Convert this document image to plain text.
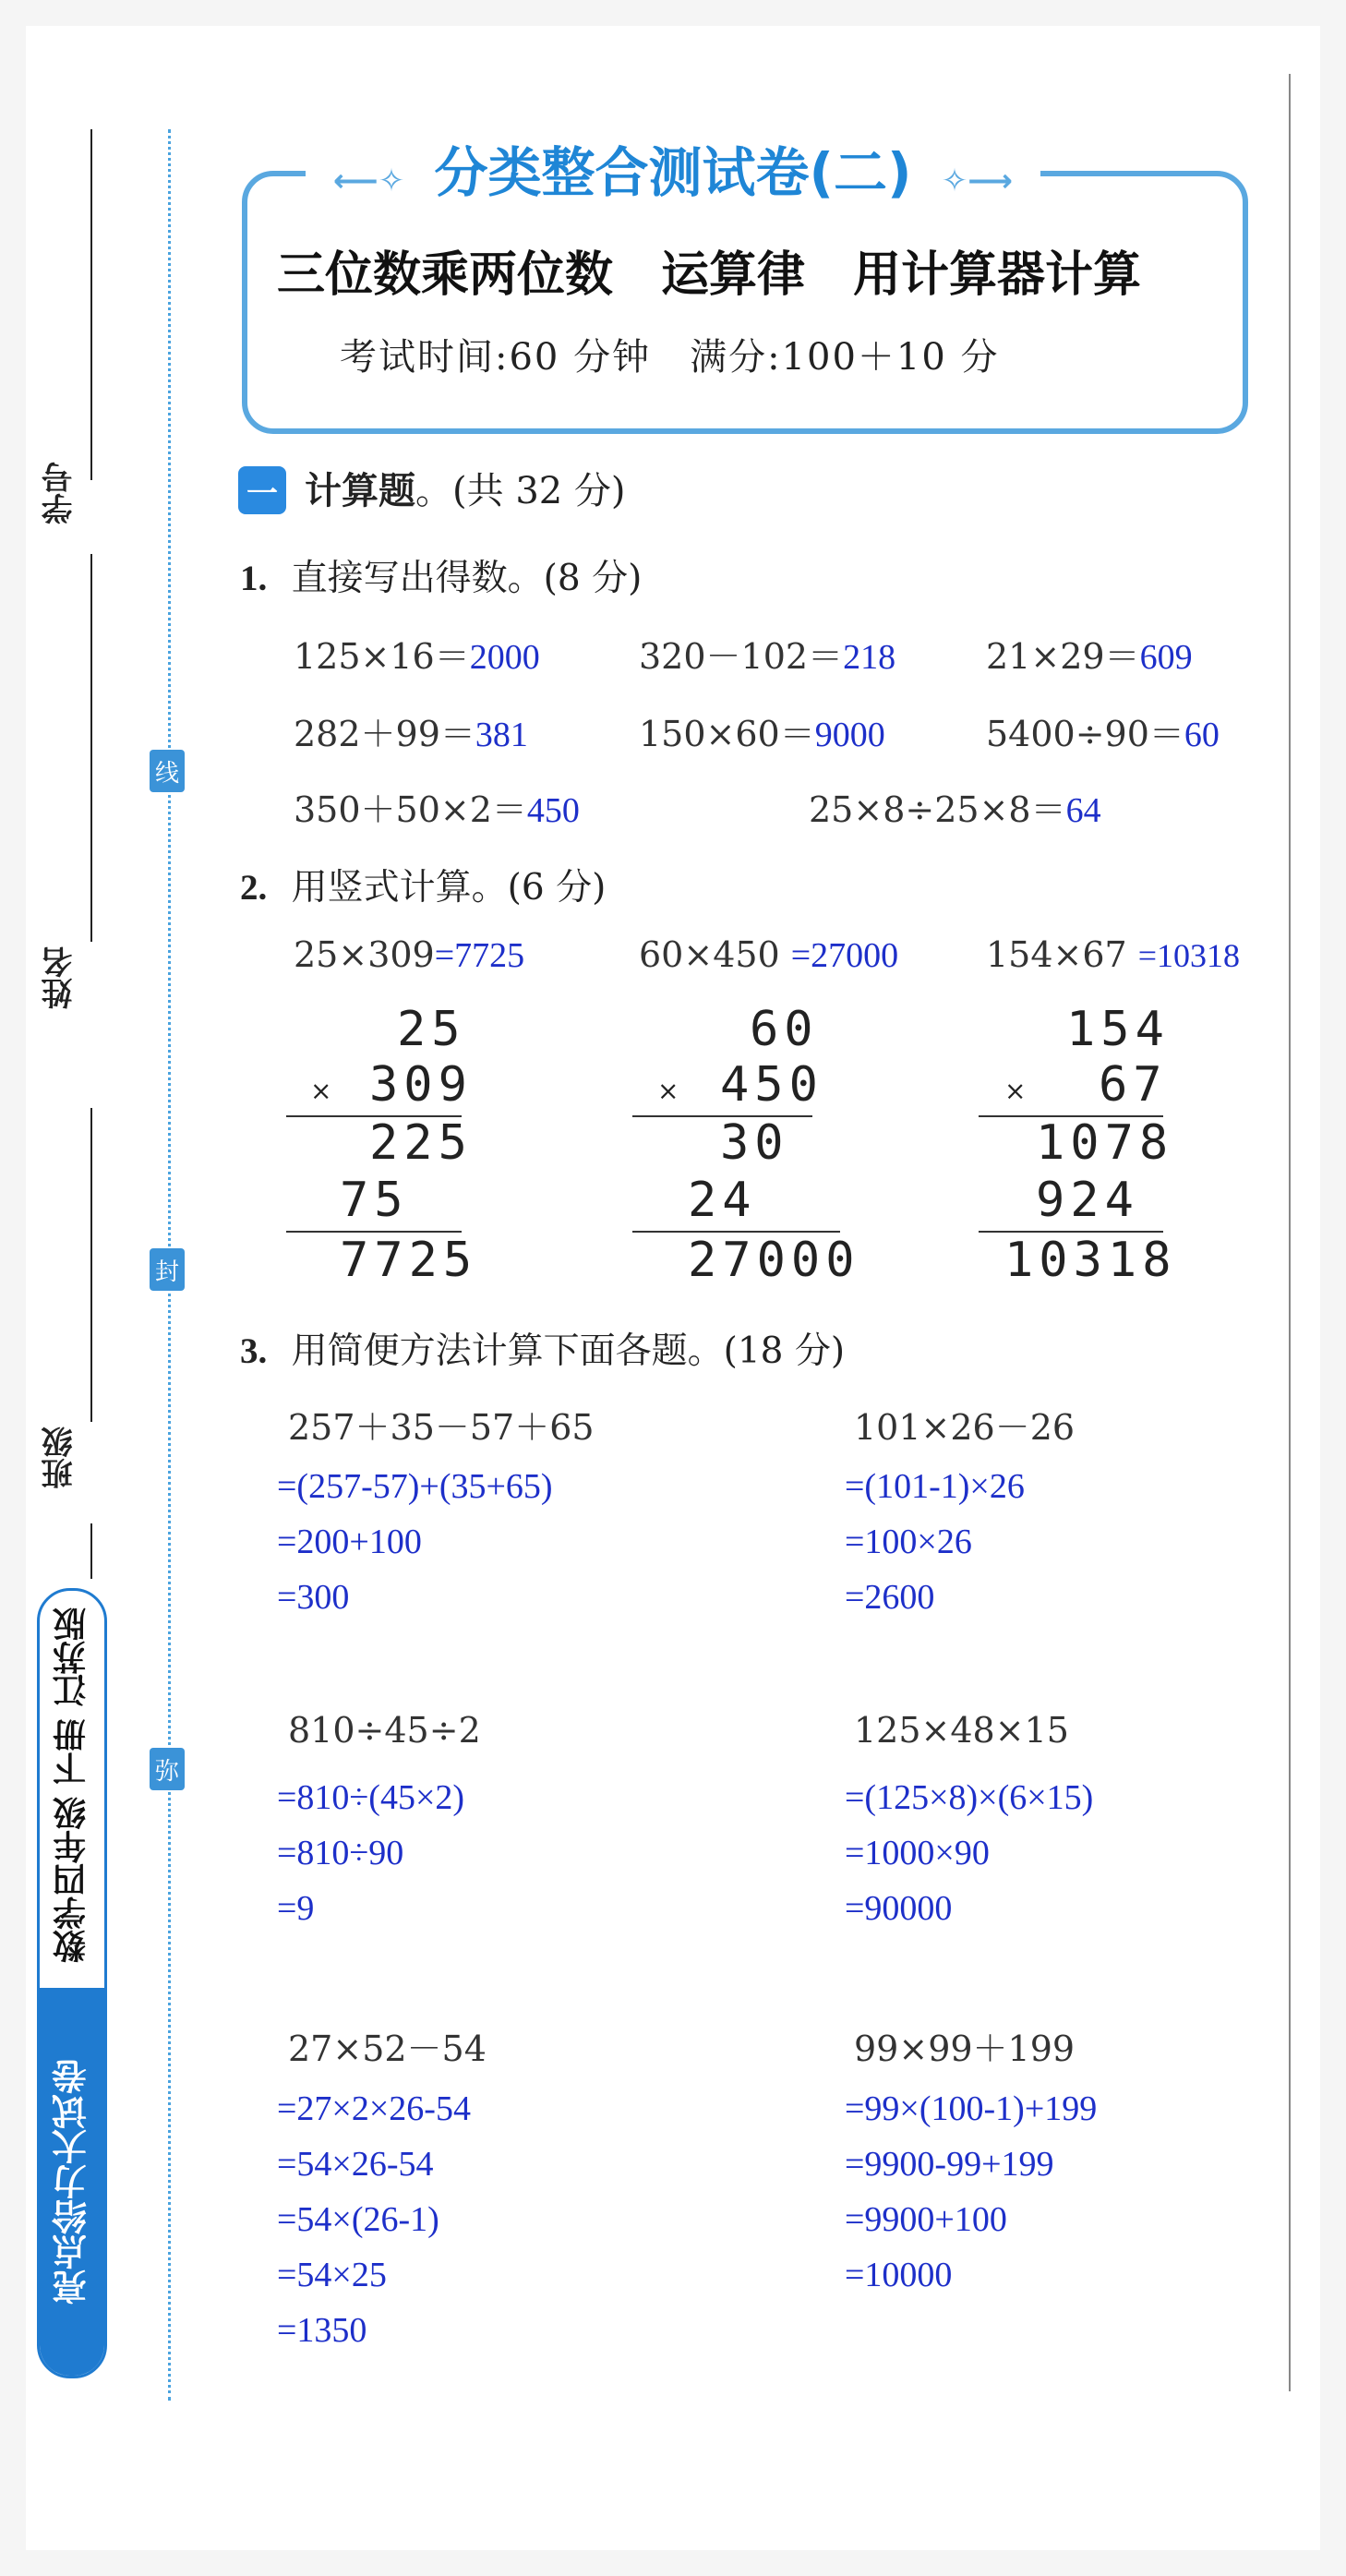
学号
姓名
班级
线
封
弥
数学四年级 下册 江苏版
亮点给力大试卷
⟵✧ 分类整合测试卷(二) ✧⟶
三位数乘两位数　运算律　用计算器计算
考试时间:60 分钟　满分:100＋10 分
一 计算题。(共 32 分)
1. 直接写出得数。(8 分)
125×16＝2000	320－102＝218	21×29＝609
282＋99＝381	150×60＝9000	5400÷90＝60
350＋50×2＝450	25×8÷25×8＝64
2. 用竖式计算。(6 分)
25×309=7725
25
× 309
225
75
7725
60×450 =27000
60
× 450
30
24
27000
154×67 =10318
154
× 67
1078
924
10318
3. 用简便方法计算下面各题。(18 分)
257＋35－57＋65
=(257-57)+(35+65)
=200+100
=300
101×26－26
=(101-1)×26
=100×26
=2600
810÷45÷2
=810÷(45×2)
=810÷90
=9
125×48×15
=(125×8)×(6×15)
=1000×90
=90000
27×52－54
=27×2×26-54
=54×26-54
=54×(26-1)
=54×25
=1350
99×99＋199
=99×(100-1)+199
=9900-99+199
=9900+100
=10000
